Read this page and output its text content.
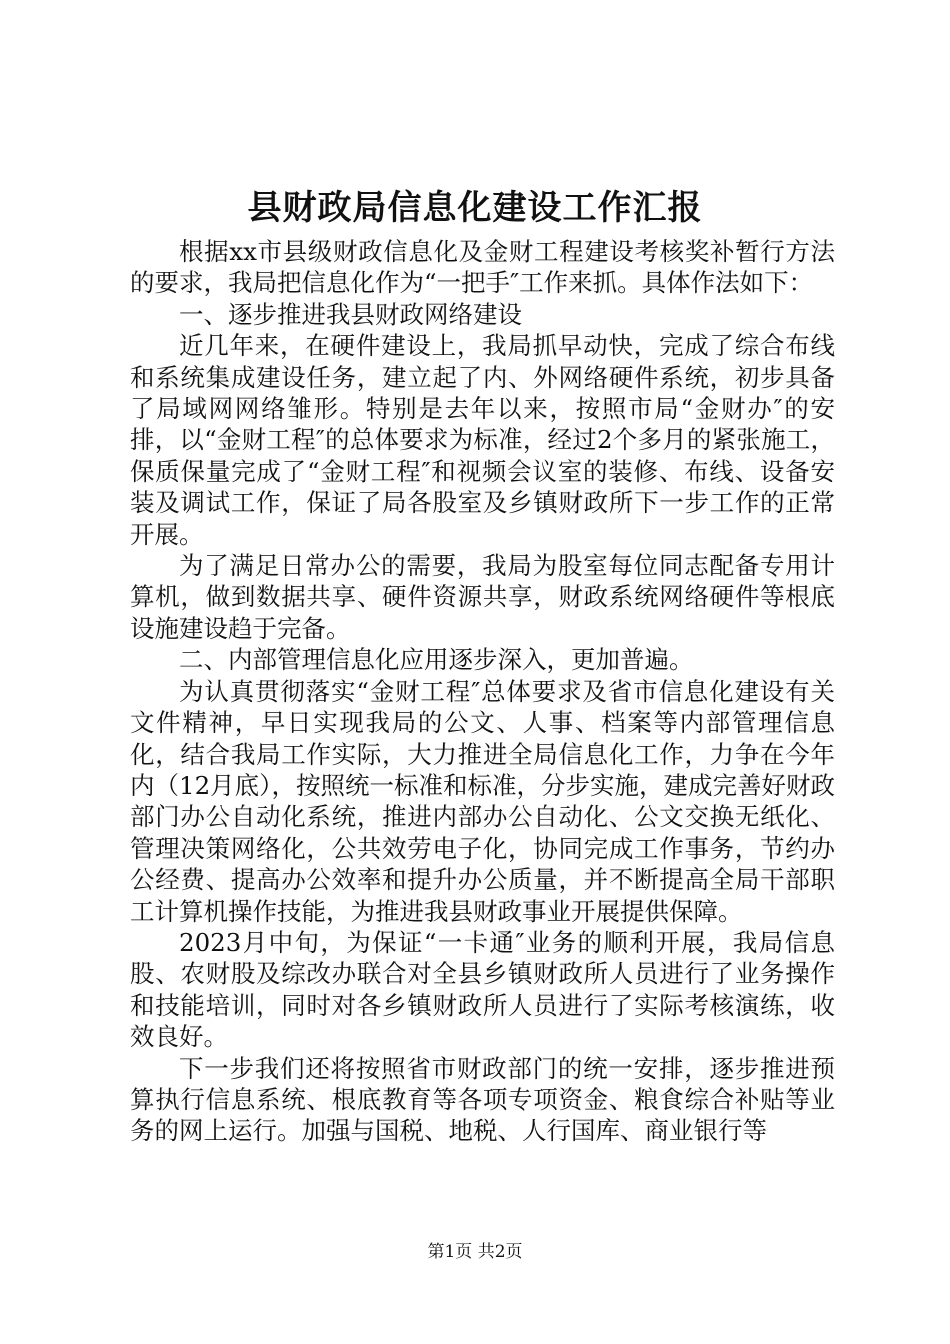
县财政局信息化建设工作汇报

根据xx市县级财政信息化及金财工程建设考核奖补暂行方法的要求，我局把信息化作为“一把手″工作来抓。具体作法如下：

一、逐步推进我县财政网络建设

近几年来，在硬件建设上，我局抓早动快，完成了综合布线和系统集成建设任务，建立起了内、外网络硬件系统，初步具备了局域网网络雏形。特别是去年以来，按照市局“金财办″的安排，以“金财工程″的总体要求为标准，经过2个多月的紧张施工，保质保量完成了“金财工程″和视频会议室的装修、布线、设备安装及调试工作，保证了局各股室及乡镇财政所下一步工作的正常开展。

为了满足日常办公的需要，我局为股室每位同志配备专用计算机，做到数据共享、硬件资源共享，财政系统网络硬件等根底设施建设趋于完备。

二、内部管理信息化应用逐步深入，更加普遍。

为认真贯彻落实“金财工程″总体要求及省市信息化建设有关文件精神，早日实现我局的公文、人事、档案等内部管理信息化，结合我局工作实际，大力推进全局信息化工作，力争在今年内（12月底），按照统一标准和标准，分步实施，建成完善好财政部门办公自动化系统，推进内部办公自动化、公文交换无纸化、管理决策网络化，公共效劳电子化，协同完成工作事务，节约办公经费、提高办公效率和提升办公质量，并不断提高全局干部职工计算机操作技能，为推进我县财政事业开展提供保障。

2023月中旬，为保证“一卡通″业务的顺利开展，我局信息股、农财股及综改办联合对全县乡镇财政所人员进行了业务操作和技能培训，同时对各乡镇财政所人员进行了实际考核演练，收效良好。

下一步我们还将按照省市财政部门的统一安排，逐步推进预算执行信息系统、根底教育等各项专项资金、粮食综合补贴等业务的网上运行。加强与国税、地税、人行国库、商业银行等

第1页 共2页
